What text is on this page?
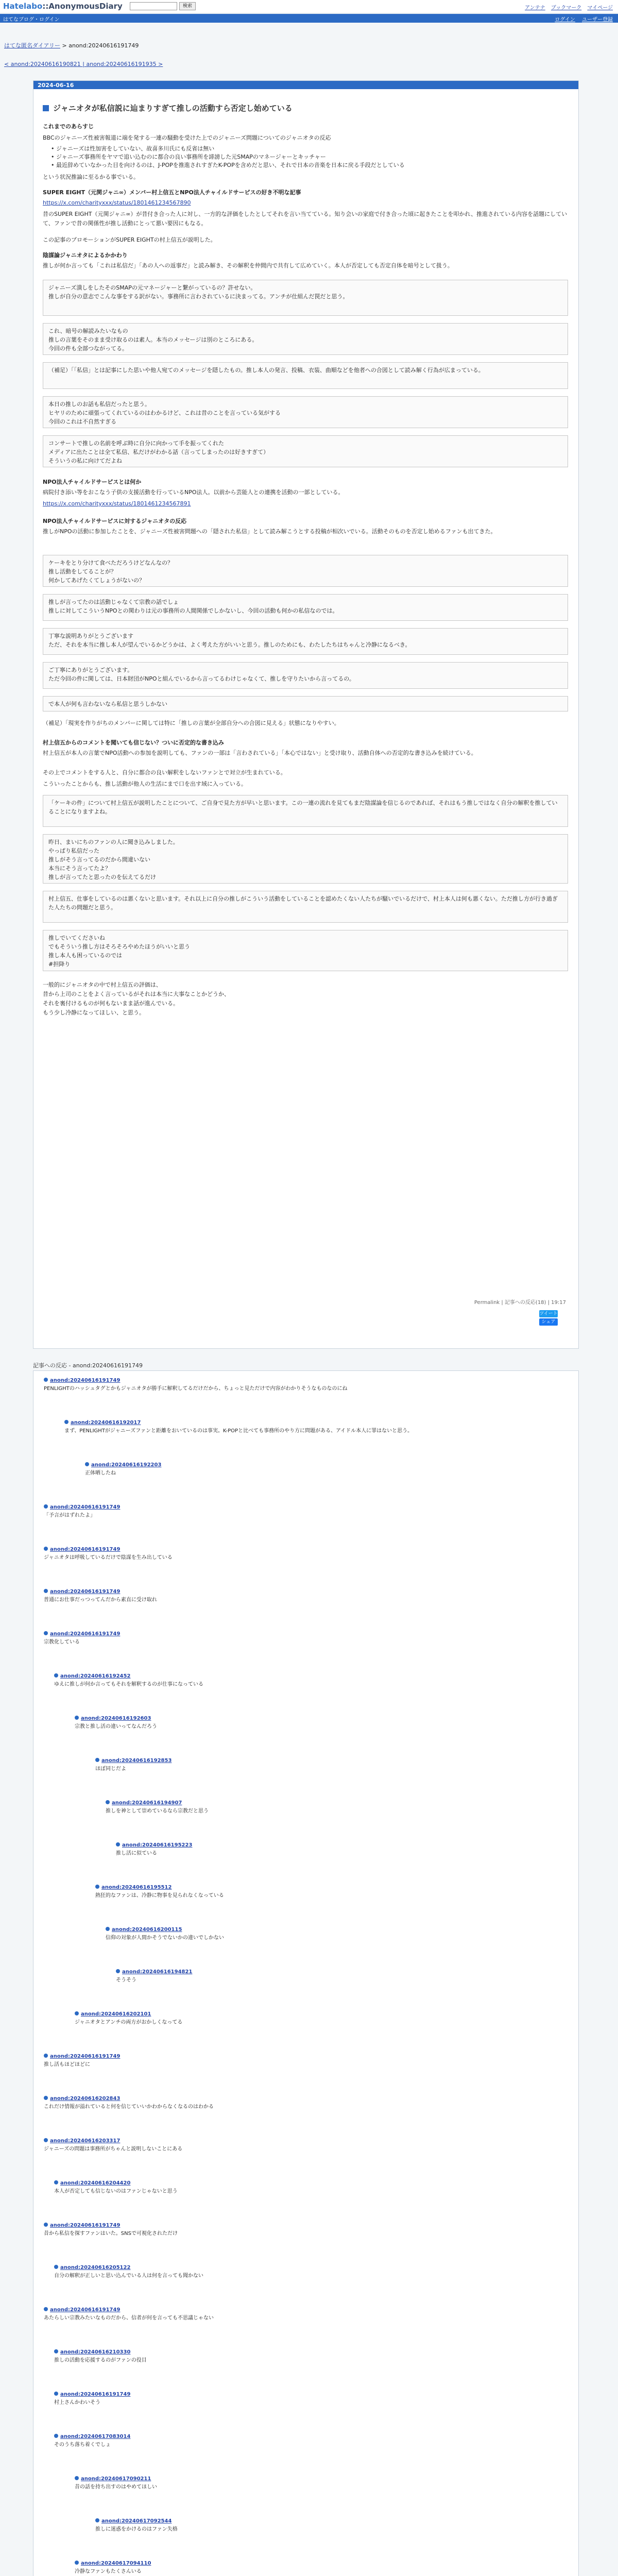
Hatelabo::AnonymousDiary	検索	アンテナ ブックマーク マイページ
はてなブログ・ログイン	ログイン ユーザー登録
はてな匿名ダイアリー > anond:20240616191749
< anond:20240616190821 | anond:20240616191935 >
2024-06-16
ジャニオタが私信説に辿まりすぎて推しの活動すら否定し始めている
これまでのあらすじ
BBCのジャニーズ性被害報道に端を発する一連の騒動を受けた上でのジャニーズ問題についてのジャニオタの反応
• ジャニーズは性加害をしていない、故喜多川氏にも反省は無い
• ジャニーズ事務所をヤマで追い込むのに都合の良い事務所を誹謗した元SMAPのマネージャーとキッチャー
• 最近辞めていなかった目を向けるのは、J-POPを推進されすぎたK-POPを含めだと思い、それで日本の音楽を日本に戻る手段だとしている
という状況推論に至るかる事でいる。
SUPER EIGHT（元関ジャニ∞）メンバー村上信五とNPO法人チャイルドサーピスの好き不明な記事
https://x.com/charityxxx/status/1801461234567890
昔のSUPER EIGHT（元関ジャニ∞）が昔付き合った人に対し、一方的な評価をしたとしてそれを言い当てている。知り会いの家庭で付き合った頃に起きたことを叩かれ、推進されている内容を話題にしていて、ファンで昔の関係性が推し活動にとって悪い要因にもなる。
この記事のプロモーションがSUPER EIGHTの村上信五が説明した。
陰謀論ジャニオタによるかかわり
推しが何か言っても「これは私信だ」「あの人への返事だ」と読み解き、その解釈を仲間内で共有して広めていく。本人が否定しても否定自体を暗号として扱う。
ジャニーズ潰しをしたそのSMAPの元マネージャーと繋がっているの？許せない。
推しが自分の意志でこんな事をする訳がない。事務所に言わされているに決まってる。アンチが仕組んだ罠だと思う。
これ、暗号の解読みたいなもの
推しの言葉をそのまま受け取るのは素人。本当のメッセージは別のところにある。
今回の件も全部つながってる。
（補足）「「私信」とは記事にした思いや他人宛てのメッセージを隠したもの。推し本人の発言、投稿、衣装、曲順などを他者への合図として読み解く行為が広まっている。
本日の推しのお話も私信だったと思う。
ヒヤリのために頑張ってくれているのはわかるけど、これは昔のことを言っている気がする
今回のこれは不自然すぎる
コンサートで推しの名前を呼ぶ時に自分に向かって手を振ってくれた
メディアに出たことは全て私信、私だけがわかる話（言ってしまったのは好きすぎて）
そういうの私に向けてだよね
NPO法人チャイルドサーピスとは何か
病院付き添い等をおこなう子供の支援活動を行っているNPO法人。以前から芸能人との連携を活動の一部としている。
https://x.com/charityxxx/status/1801461234567891
NPO法人チャイルドサーピスに対するジャニオタの反応
推しがNPOの活動に参加したことを、ジャニーズ性被害問題への「隠された私信」として読み解こうとする投稿が相次いでいる。活動そのものを否定し始めるファンも出てきた。
ケーキをとり分けて食べただろうけどなんなの？
推し活動をしてることが？
何かしてあげたくてしょうがないの？
推しが言ってたのは活動じゃなくて宗教の話でしょ
推しに対してこういうNPOとの関わりは元の事務所の人間関係でしかないし、今回の活動も何かの私信なのでは。
丁寧な説明ありがとうございます
ただ、それを本当に推し本人が望んでいるかどうかは、よく考えた方がいいと思う。推しのためにも、わたしたちはちゃんと冷静になるべき。
ご丁寧にありがとうございます。
ただ今回の件に関しては、日本財団がNPOと組んでいるから言ってるわけじゃなくて、推しを守りたいから言ってるの。
で本人が何も言わないなら私信と思うしかない
（補足）「現実を作りがちのメンバーに関しては特に「推しの言葉が全部自分への合図に見える」状態になりやすい。
村上信五からのコメントを聞いても信じない？ついに否定的な書き込み
村上信五が本人の言葉でNPO活動への参加を説明しても、ファンの一部は「言わされている」「本心ではない」と受け取り、活動自体への否定的な書き込みを続けている。
その上でコメントをする人と、自分に都合の良い解釈をしないファンとで対立が生まれている。
こういったことからも、推し活動が他人の生活にまで口を出す域に入っている。
「ケーキの件」について村上信五が説明したことについて、ご自身で見た方が早いと思います。この一連の流れを見てもまだ陰謀論を信じるのであれば、それはもう推しではなく自分の解釈を推していることになりますよね。
昨日、まいにちのファンの人に聞き込みしました。
やっぱり私信だった
推しがそう言ってるのだから間違いない
本当にそう言ってたよ？
推しが言ってたと思ったのを伝えてるだけ
村上信五、仕事をしているのは悪くないと思います。それ以上に自分の推しがこういう活動をしていることを認めたくない人たちが騒いでいるだけで、村上本人は何も悪くない。ただ推し方が行き過ぎた人たちの問題だと思う。
推しでいてくださいね
でもそういう推し方はそろそろやめたほうがいいと思う
推し本人も困っているのでは
#担降り
一般的にジャニオタの中で村上信五の評価は、
昔から上司のことをよく言っているがそれは本当に大事なことかどうか、
それを裏付けるものが何もないまま話が進んでいる。
もう少し冷静になってほしい、と思う。
Permalink | 記事への反応(18) | 19:17
ツイート シェア
記事への反応 - anond:20240616191749
anond:20240616191749
PENLIGHTのハッシュタグとかもジャニオタが勝手に解釈してるだけだから、ちょっと見ただけで内容がわかりそうなものなのにね
anond:20240616192017
まず、PENLIGHTがジャニーズファンと距離をおいているのは事実。K-POPと比べても事務所のやり方に問題がある、アイドル本人に罪はないと思う。
anond:20240616192203
正体晒したね
anond:20240616191749
「予言がはずれたよ」
anond:20240616191749
ジャニオタは呼吸しているだけで陰謀を生み出している
anond:20240616191749
普通にお仕事だっつってんだから素直に受け取れ
anond:20240616191749
宗教化している
anond:20240616192452
ゆえに推しが何か言ってもそれを解釈するのが仕事になっている
anond:20240616192603
宗教と推し活の違いってなんだろう
anond:20240616192853
ほぼ同じだよ
anond:20240616194907
推しを神として崇めているなら宗教だと思う
anond:20240616195223
推し活に似ている
anond:20240616195512
熱狂的なファンは、冷静に物事を見られなくなっている
anond:20240616200115
信仰の対象が人間かそうでないかの違いでしかない
anond:20240616194821
そうそう
anond:20240616202101
ジャニオタとアンチの両方がおかしくなってる
anond:20240616191749
推し活もほどほどに
anond:20240616202843
これだけ情報が溢れていると何を信じていいかわからなくなるのはわかる
anond:20240616203317
ジャニーズの問題は事務所がちゃんと説明しないことにある
anond:20240616204420
本人が否定しても信じないのはファンじゃないと思う
anond:20240616191749
昔から私信を探すファンはいた。SNSで可視化されただけ
anond:20240616205122
自分の解釈が正しいと思い込んでいる人は何を言っても聞かない
anond:20240616191749
あたらしい宗教みたいなものだから、信者が何を言っても不思議じゃない
anond:20240616210330
推しの活動を応援するのがファンの役目
anond:20240616191749
村上さんかわいそう
anond:20240617083014
そのうち落ち着くでしょ
anond:20240617090211
昔の話を持ち出すのはやめてほしい
anond:20240617092544
推しに迷惑をかけるのはファン失格
anond:20240617094110
冷静なファンもたくさんいる
